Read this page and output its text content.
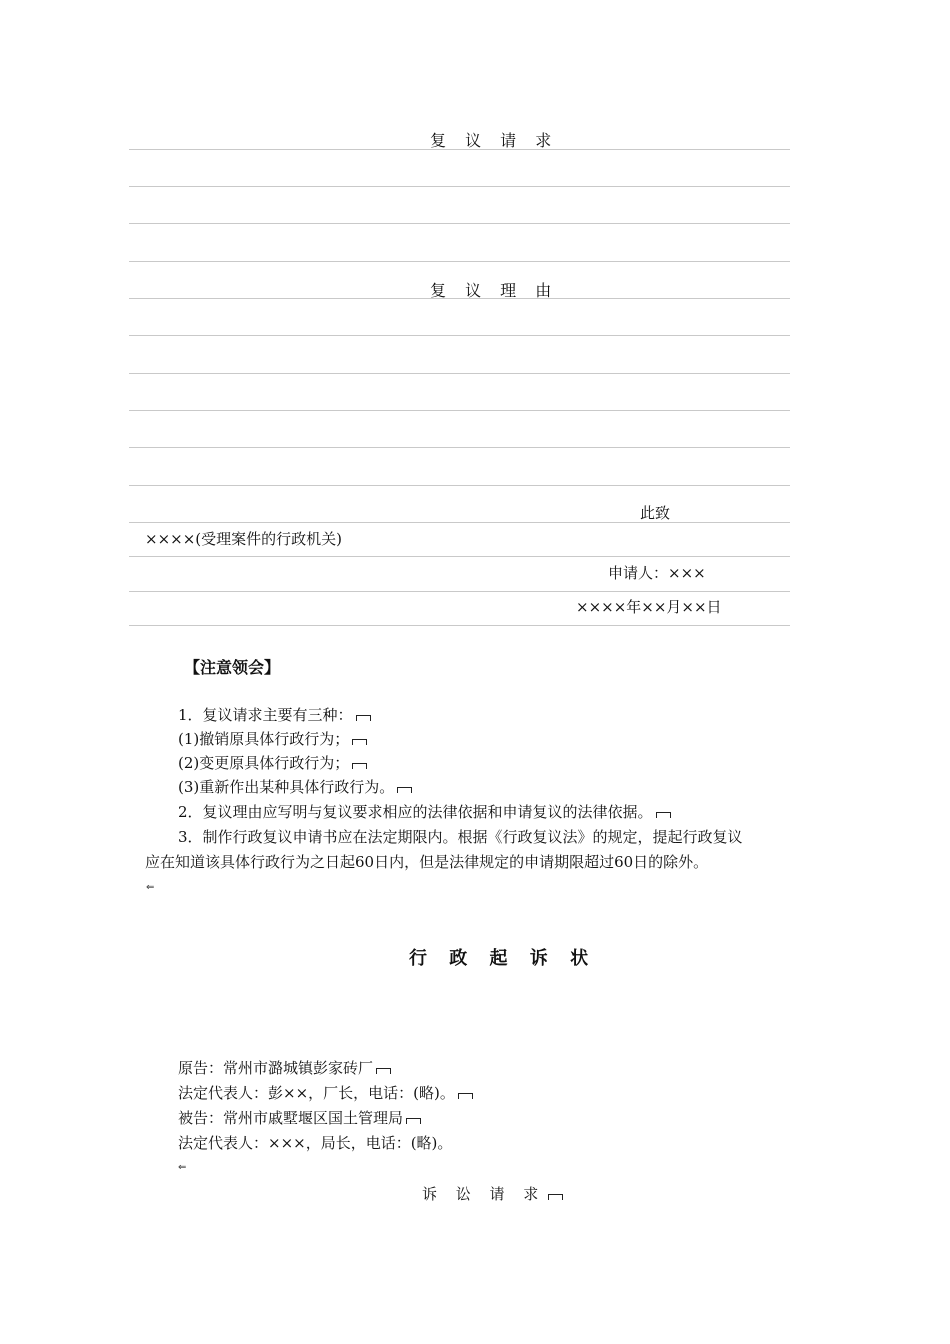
复 议 请 求
复 议 理 由
此致
××××(受理案件的行政机关)
申请人：×××
××××年××月××日
【注意领会】
1．复议请求主要有三种：
(1)撤销原具体行政行为；
(2)变更原具体行政行为；
(3)重新作出某种具体行政行为。
2．复议理由应写明与复议要求相应的法律依据和申请复议的法律依据。
3．制作行政复议申请书应在法定期限内。根据《行政复议法》的规定，提起行政复议
应在知道该具体行政行为之日起60日内，但是法律规定的申请期限超过60日的除外。
⇐
行 政 起 诉 状
原告：常州市潞城镇彭家砖厂
法定代表人：彭××，厂长，电话：(略)。
被告：常州市戚墅堰区国土管理局
法定代表人：×××，局长，电话：(略)。
⇐
诉 讼 请 求
